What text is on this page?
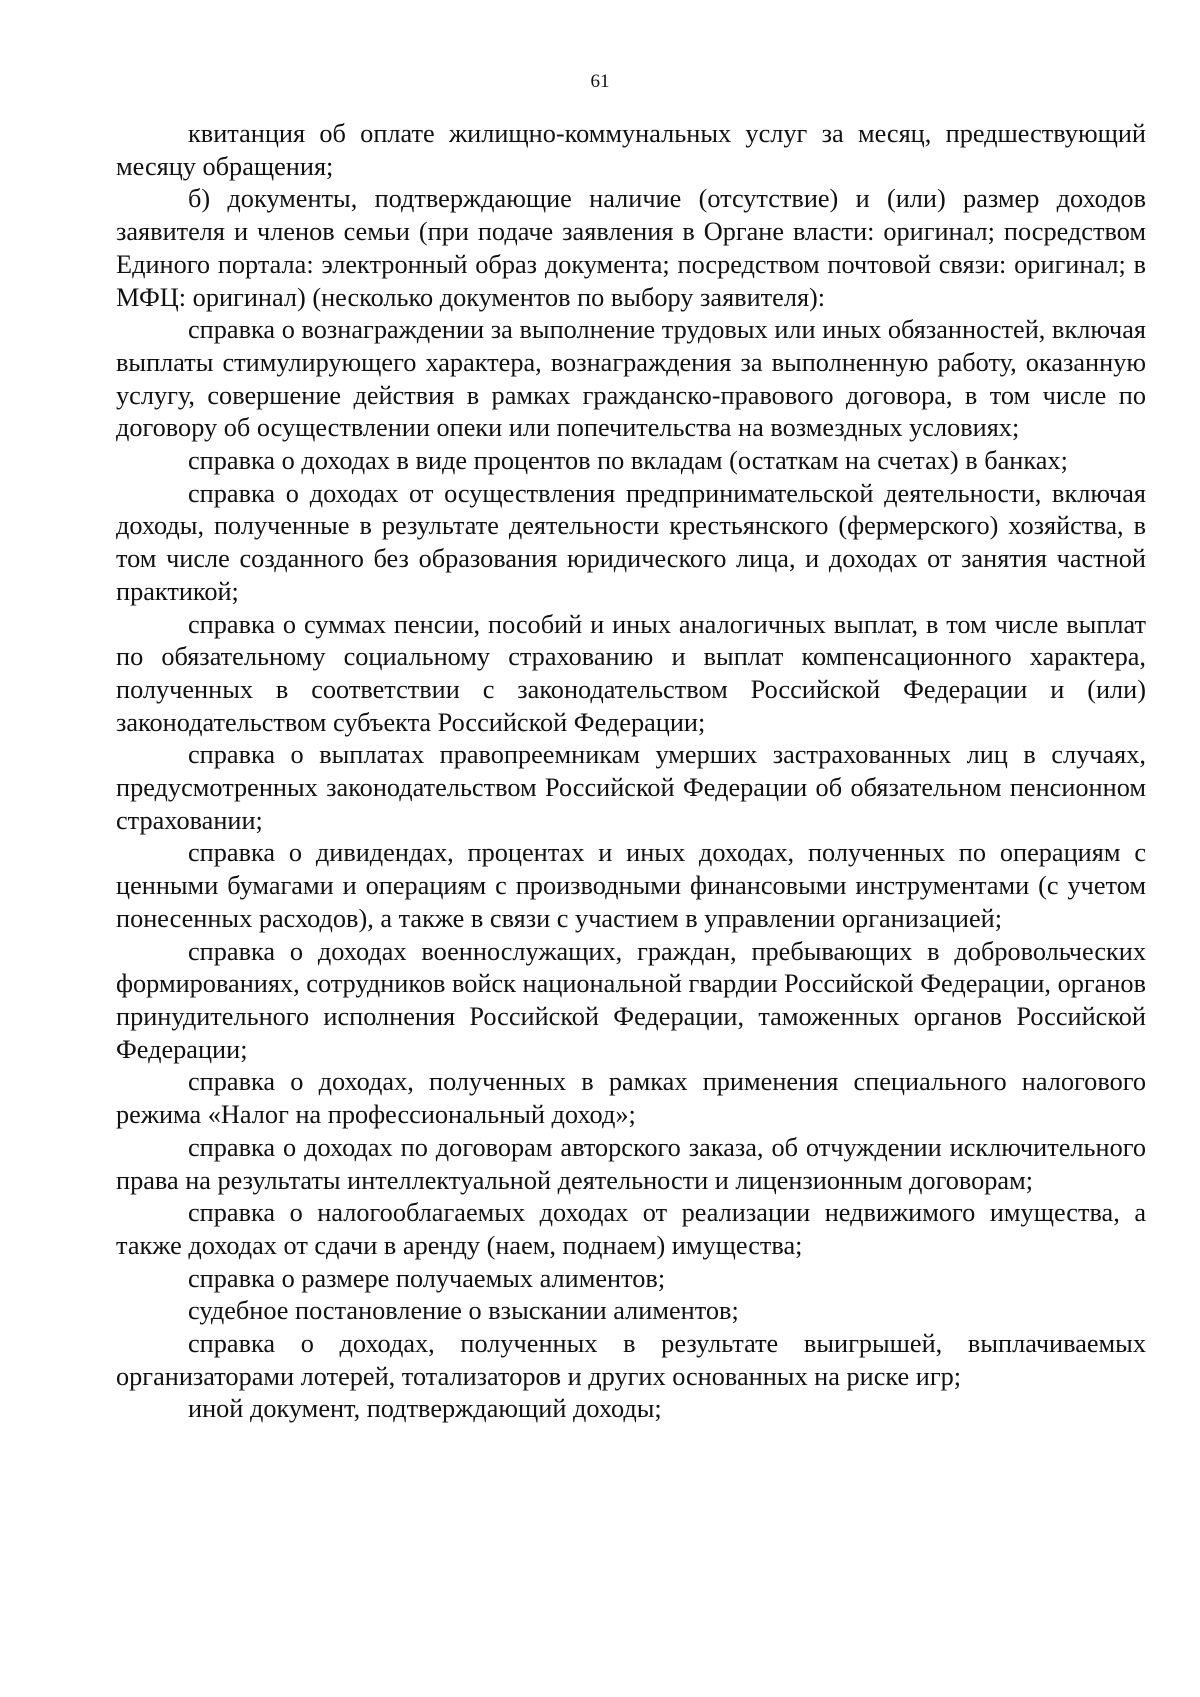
61

квитанция об оплате жилищно-коммунальных услуг за месяц, предшествующий месяцу обращения;

б) документы, подтверждающие наличие (отсутствие) и (или) размер доходов заявителя и членов семьи (при подаче заявления в Органе власти: оригинал; посредством Единого портала: электронный образ документа; посредством почтовой связи: оригинал; в МФЦ: оригинал) (несколько документов по выбору заявителя):

справка о вознаграждении за выполнение трудовых или иных обязанностей, включая выплаты стимулирующего характера, вознаграждения за выполненную работу, оказанную услугу, совершение действия в рамках гражданско-правового договора, в том числе по договору об осуществлении опеки или попечительства на возмездных условиях;

справка о доходах в виде процентов по вкладам (остаткам на счетах) в банках;

справка о доходах от осуществления предпринимательской деятельности, включая доходы, полученные в результате деятельности крестьянского (фермерского) хозяйства, в том числе созданного без образования юридического лица, и доходах от занятия частной практикой;

справка о суммах пенсии, пособий и иных аналогичных выплат, в том числе выплат по обязательному социальному страхованию и выплат компенсационного характера, полученных в соответствии с законодательством Российской Федерации и (или) законодательством субъекта Российской Федерации;

справка о выплатах правопреемникам умерших застрахованных лиц в случаях, предусмотренных законодательством Российской Федерации об обязательном пенсионном страховании;

справка о дивидендах, процентах и иных доходах, полученных по операциям с ценными бумагами и операциям с производными финансовыми инструментами (с учетом понесенных расходов), а также в связи с участием в управлении организацией;

справка о доходах военнослужащих, граждан, пребывающих в добровольческих формированиях, сотрудников войск национальной гвардии Российской Федерации, органов принудительного исполнения Российской Федерации, таможенных органов Российской Федерации;

справка о доходах, полученных в рамках применения специального налогового режима «Налог на профессиональный доход»;

справка о доходах по договорам авторского заказа, об отчуждении исключительного права на результаты интеллектуальной деятельности и лицензионным договорам;

справка о налогооблагаемых доходах от реализации недвижимого имущества, а также доходах от сдачи в аренду (наем, поднаем) имущества;

справка о размере получаемых алиментов;

судебное постановление о взыскании алиментов;

справка о доходах, полученных в результате выигрышей, выплачиваемых организаторами лотерей, тотализаторов и других основанных на риске игр;

иной документ, подтверждающий доходы;
